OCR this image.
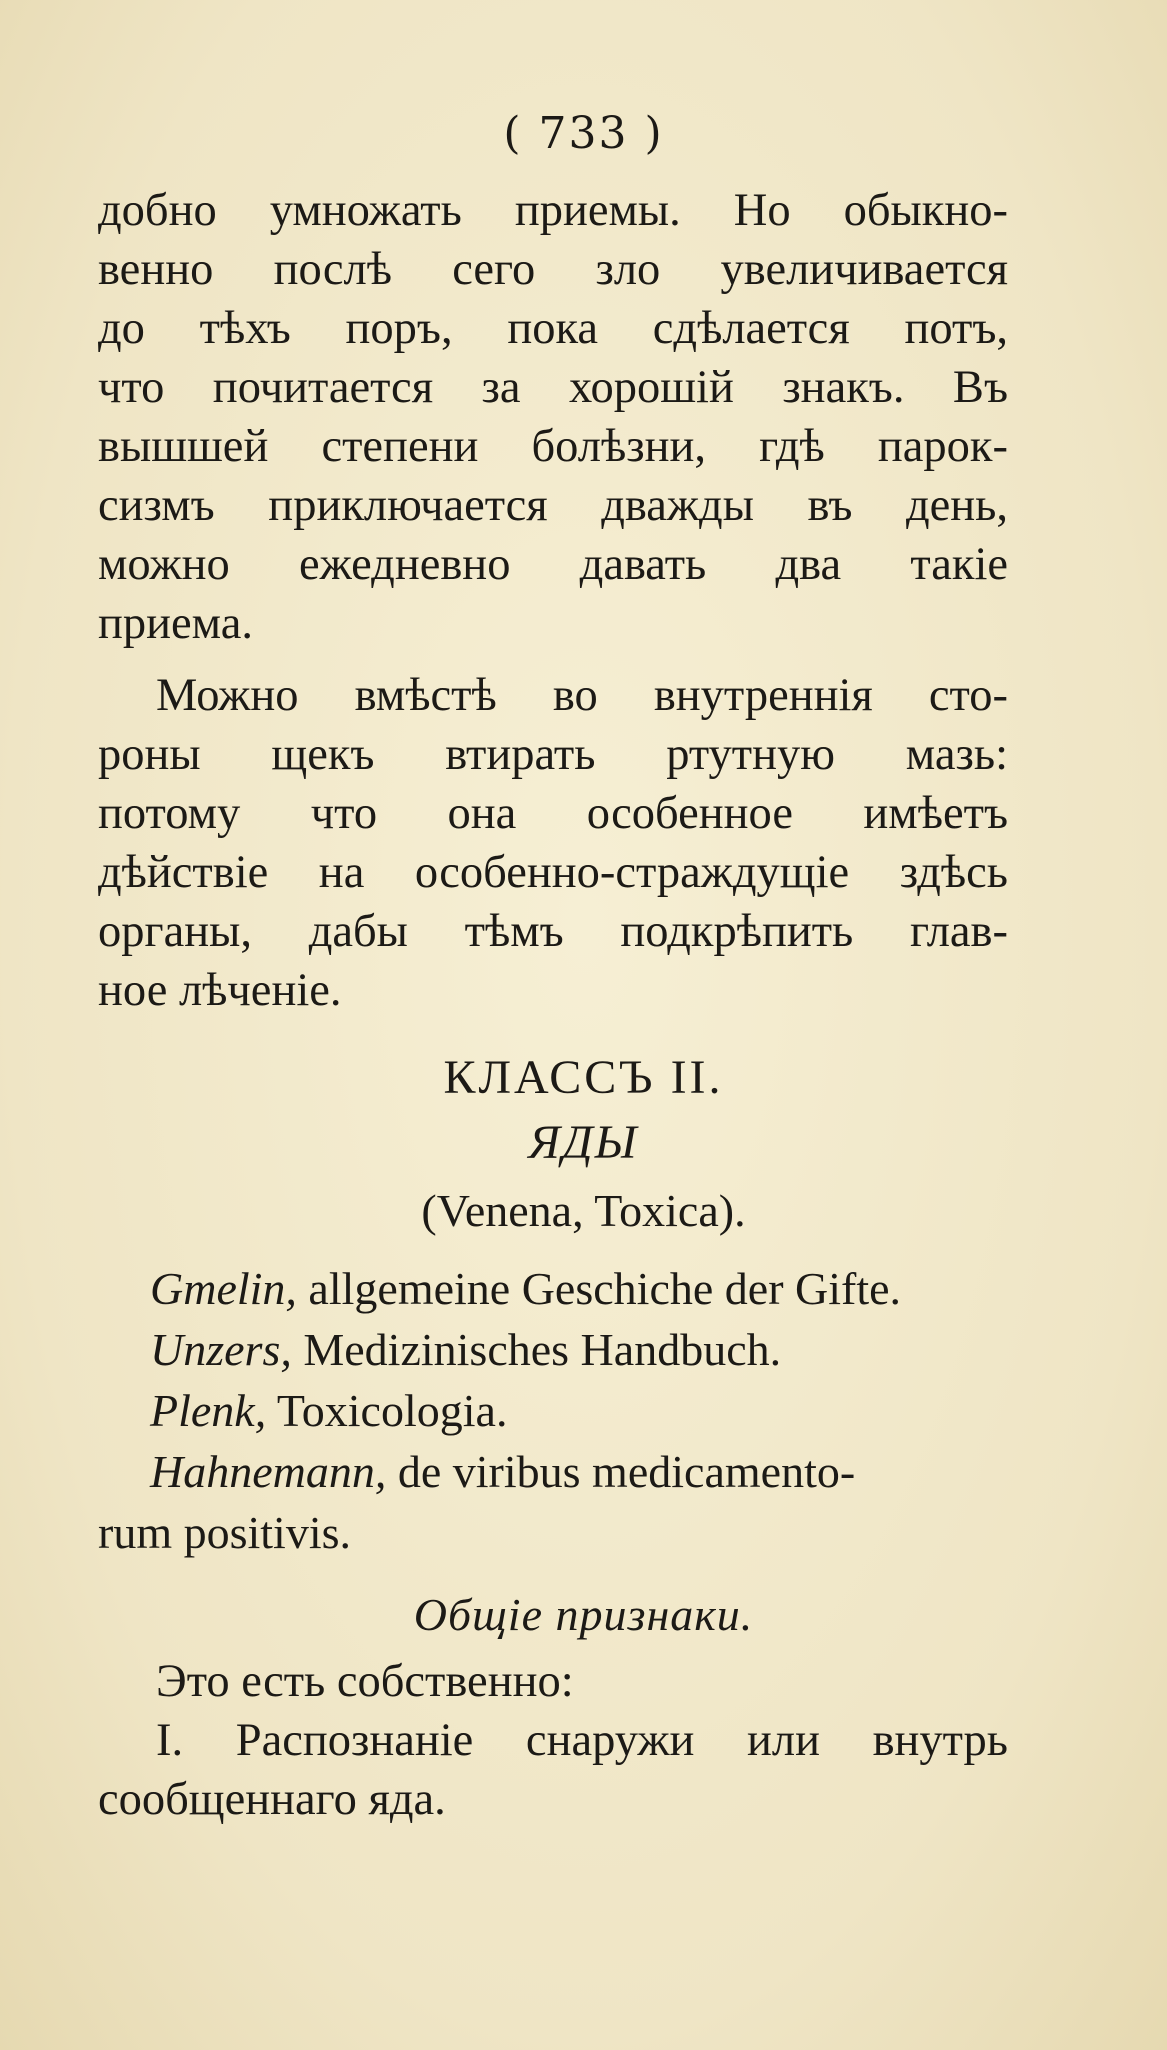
( 733 )
добно умножать приемы. Но обыкно-
венно послѣ сего зло увеличивается
до тѣхъ поръ, пока сдѣлается потъ,
что почитается за хорошій знакъ. Въ
вышшей степени болѣзни, гдѣ парок-
сизмъ приключается дважды въ день,
можно ежедневно давать два такіе
приема.
Можно вмѣстѣ во внутреннія сто-
роны щекъ втирать ртутную мазь:
потому что она особенное имѣетъ
дѣйствіе на особенно-страждущіе здѣсь
органы, дабы тѣмъ подкрѣпить глав-
ное лѣченіе.
КЛАССЪ II.
ЯДЫ
(Venena, Toxica).
Gmelin, allgemeine Geschiche der Gifte.
Unzers, Medizinisches Handbuch.
Plenk, Toxicologia.
Hahnemann, de viribus medicamento-
rum positivis.
Общіе признаки.
Это есть собственно:
I. Распознаніе снаружи или внутрь
сообщеннаго яда.
